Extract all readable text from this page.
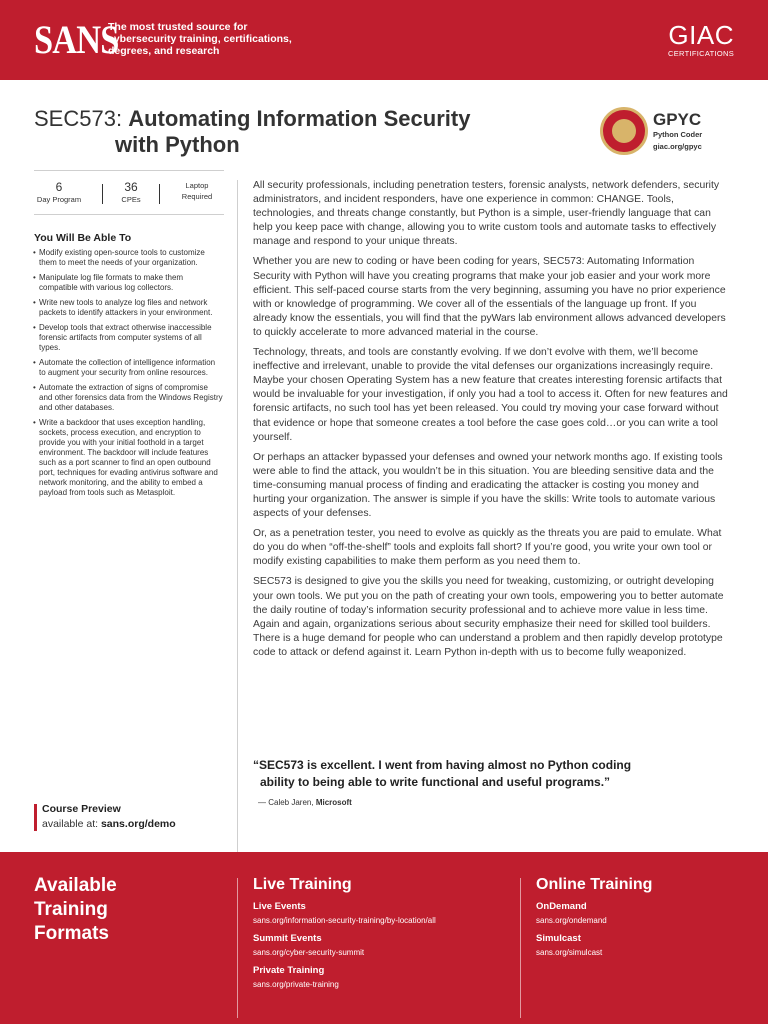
SANS
The most trusted source for cybersecurity training, certifications, degrees, and research
GIAC
CERTIFICATIONS
SEC573: Automating Information Security
with Python
GPYC
Python Coder
giac.org/gpyc
6
Day Program
36
CPEs
Laptop
Required
You Will Be Able To
• Modify existing open-source tools to customize them to meet the needs of your organization.
• Manipulate log file formats to make them compatible with various log collectors.
• Write new tools to analyze log files and network packets to identify attackers in your environment.
• Develop tools that extract otherwise inaccessible forensic artifacts from computer systems of all types.
• Automate the collection of intelligence information to augment your security from online resources.
• Automate the extraction of signs of compromise and other forensics data from the Windows Registry and other databases.
• Write a backdoor that uses exception handling, sockets, process execution, and encryption to provide you with your initial foothold in a target environment. The backdoor will include features such as a port scanner to find an open outbound port, techniques for evading antivirus software and network monitoring, and the ability to embed a payload from tools such as Metasploit.
Course Preview
available at: sans.org/demo

All security professionals, including penetration testers, forensic analysts, network defenders, security administrators, and incident responders, have one experience in common: CHANGE. Tools, technologies, and threats change constantly, but Python is a simple, user-friendly language that can help you keep pace with change, allowing you to write custom tools and automate tasks to effectively manage and respond to your unique threats.

Whether you are new to coding or have been coding for years, SEC573: Automating Information Security with Python will have you creating programs that make your job easier and your work more efficient. This self-paced course starts from the very beginning, assuming you have no prior experience with or knowledge of programming. We cover all of the essentials of the language up front. If you already know the essentials, you will find that the pyWars lab environment allows advanced developers to quickly accelerate to more advanced material in the course.

Technology, threats, and tools are constantly evolving. If we don’t evolve with them, we’ll become ineffective and irrelevant, unable to provide the vital defenses our organizations increasingly require. Maybe your chosen Operating System has a new feature that creates interesting forensic artifacts that would be invaluable for your investigation, if only you had a tool to access it. Often for new features and forensic artifacts, no such tool has yet been released. You could try moving your case forward without that evidence or hope that someone creates a tool before the case goes cold…or you can write a tool yourself.

Or perhaps an attacker bypassed your defenses and owned your network months ago. If existing tools were able to find the attack, you wouldn’t be in this situation. You are bleeding sensitive data and the time-consuming manual process of finding and eradicating the attacker is costing you money and hurting your organization. The answer is simple if you have the skills: Write tools to automate various aspects of your defenses.

Or, as a penetration tester, you need to evolve as quickly as the threats you are paid to emulate. What do you do when “off-the-shelf” tools and exploits fall short? If you’re good, you write your own tool or modify existing capabilities to make them perform as you need them to.

SEC573 is designed to give you the skills you need for tweaking, customizing, or outright developing your own tools. We put you on the path of creating your own tools, empowering you to better automate the daily routine of today’s information security professional and to achieve more value in less time. Again and again, organizations serious about security emphasize their need for skilled tool builders. There is a huge demand for people who can understand a problem and then rapidly develop prototype code to attack or defend against it. Learn Python in-depth with us to become fully weaponized.

“SEC573 is excellent. I went from having almost no Python coding
ability to being able to write functional and useful programs.”
— Caleb Jaren, Microsoft
Available Training Formats
Live Training
Live Events
sans.org/information-security-training/by-location/all
Summit Events
sans.org/cyber-security-summit
Private Training
sans.org/private-training
Online Training
OnDemand
sans.org/ondemand
Simulcast
sans.org/simulcast
